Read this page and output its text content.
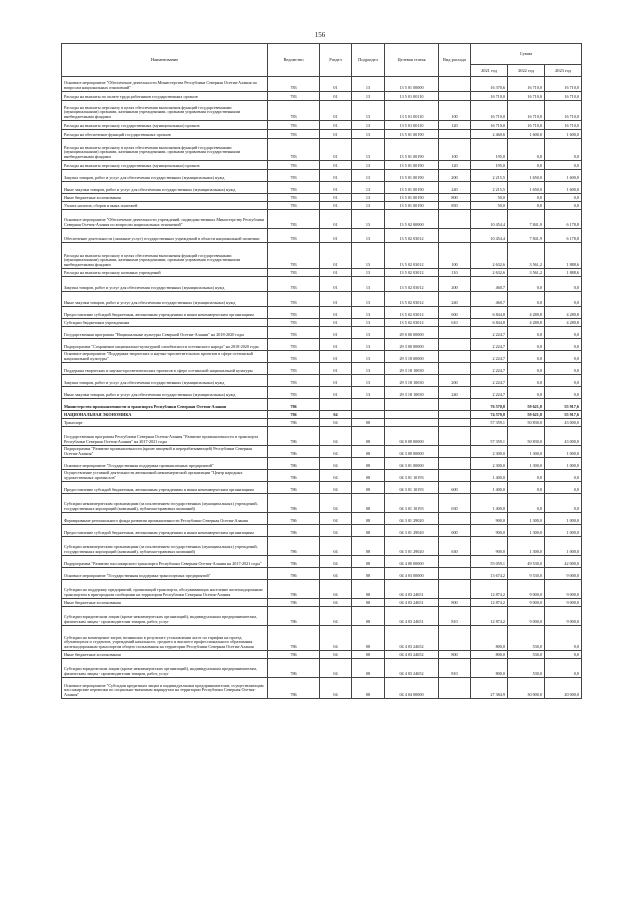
156
Наименование	Ведомство	Раздел	Подраздел	Целевая статья	Вид расхода	Сумма		
						2021 год	2022 год	2023 год
Основное мероприятие "Обеспечение деятельности Министерства Республики Северная Осетия-Алания по вопросам национальных отношений"	783	01	13	13 5 01 00000		16 370,6	16 710,0	16 710,0
Расходы на выплаты по оплате труда работников государственных органов	783	01	13	13 5 01 00110		16 710,0	16 710,0	16 710,0
Расходы на выплаты персоналу в целях обеспечения выполнения функций государственными (муниципальными) органами, казенными учреждениями, органами управления государственными внебюджетными фондами	783	01	13	13 5 01 00110	100	16 710,0	16 710,0	16 710,0
Расходы на выплаты персоналу государственных (муниципальных) органов	783	01	13	13 5 01 00110	120	16 710,0	16 710,0	16 710,0
Расходы на обеспечение функций государственных органов	783	01	13	13 5 01 00190		2 460,6	1 600,0	1 600,0
Расходы на выплаты персоналу в целях обеспечения выполнения функций государственными (муниципальными) органами, казенными учреждениями, органами управления государственными внебюджетными фондами	783	01	13	13 5 01 00190	100	195,0	0,0	0,0
Расходы на выплаты персоналу государственных (муниципальных) органов	783	01	13	13 5 01 00190	120	195,0	0,0	0,0
Закупка товаров, работ и услуг для обеспечения государственных (муниципальных) нужд	783	01	13	13 5 01 00190	200	2 215,5	1 650,0	1 600,0
Иные закупки товаров, работ и услуг для обеспечения государственных (муниципальных) нужд	783	01	13	13 5 01 00190	240	2 215,5	1 650,0	1 600,0
Иные бюджетные ассигнования	783	01	13	13 5 01 00190	800	50,0	0,0	0,0
Уплата налогов, сборов и иных платежей	783	01	13	13 5 01 00190	850	50,0	0,0	0,0
Основное мероприятие "Обеспечение деятельности учреждений, подведомственных Министерству Республики Северная Осетия-Алания по вопросам национальных отношений"	783	01	13	13 5 02 00000		10 454,4	7 841,9	6 178,8
Обеспечение деятельности (оказание услуг) государственных учреждений в области национальной политики	783	01	13	13 5 02 03012		10 454,4	7 841,9	6 178,8
Расходы на выплаты персоналу в целях обеспечения выполнения функций государственными (муниципальными) органами, казенными учреждениями, органами управления государственными внебюджетными фондами	783	01	13	13 5 02 03012	100	2 632,6	3 561,2	1 888,6
Расходы на выплаты персоналу казенных учреждений	783	01	13	13 5 02 03012	110	2 632,6	3 561,2	1 888,6
Закупка товаров, работ и услуг для обеспечения государственных (муниципальных) нужд	783	01	13	13 5 02 03012	200	460,7	0,0	0,0
Иные закупки товаров, работ и услуг для обеспечения государственных (муниципальных) нужд	783	01	13	13 5 02 03012	240	460,7	0,0	0,0
Предоставление субсидий бюджетным, автономным учреждениям и иным некоммерческим организациям	783	01	13	13 5 02 03012	600	6 844,8	4 280,8	4 280,8
Субсидии бюджетным учреждениям	783	01	13	13 5 02 03012	610	6 844,8	4 280,8	4 280,8
Государственная программа "Национальные культуры Северной Осетии-Алании" на 2018-2020 годы	783	01	13	29 0 00 00000		2 224,7	0,0	0,0
Подпрограмма "Сохранение национально-культурной самобытности осетинского народа" на 2018-2020 годы	783	01	13	29 3 00 00000		2 224,7	0,0	0,0
Основное мероприятие "Поддержка творческих и научно-просветительских проектов в сфере осетинской национальной культуры"	783	01	13	29 3 18 00000		2 224,7	0,0	0,0
Поддержка творческих и научно-просветительских проектов в сфере осетинской национальной культуры	783	01	13	29 3 18 10030		2 224,7	0,0	0,0
Закупка товаров, работ и услуг для обеспечения государственных (муниципальных) нужд	783	01	13	29 3 18 10030	200	2 224,7	0,0	0,0
Иные закупки товаров, работ и услуг для обеспечения государственных (муниципальных) нужд	783	01	13	29 3 18 10030	240	2 224,7	0,0	0,0
Министерство промышленности и транспорта Республики Северная Осетия-Алания	786					76 570,8	59 621,8	55 917,6
НАЦИОНАЛЬНАЯ ЭКОНОМИКА	786	04				74 570,8	59 621,8	55 917,6
Транспорт	786	04	08			57 359,1	50 830,0	43 000,0
Государственная программа Республики Северная Осетия-Алания "Развитие промышленности и транспорта Республики Северная Осетия-Алания" на 2017-2021 годы	786	04	08	04 0 00 00000		57 359,1	50 830,0	43 000,0
Подпрограмма "Развитие промышленности (кроме пищевой и перерабатывающей) Республики Северная Осетия-Алания"	786	04	08	04 3 00 00000		2 300,0	1 300,0	1 000,0
Основное мероприятие "Государственная поддержка промышленных предприятий"	786	04	08	04 3 01 00000		2 300,0	1 300,0	1 000,0
Осуществление уставной деятельности автономной некоммерческой организации "Центр народных художественных промыслов"	786	04	08	04 3 01 10193		1 400,0	0,0	0,0
Предоставление субсидий бюджетным, автономным учреждениям и иным некоммерческим организациям	786	04	08	04 3 01 10193	600	1 400,0	0,0	0,0
Субсидии некоммерческим организациям (за исключением государственных (муниципальных) учреждений, государственных корпораций (компаний), публично-правовых компаний)	786	04	08	04 3 01 10193	630	1 400,0	0,0	0,0
Формирование регионального фонда развития промышленности Республики Северная Осетия-Алания	786	04	08	04 3 01 29020		900,0	1 300,0	1 000,0
Предоставление субсидий бюджетным, автономным учреждениям и иным некоммерческим организациям	786	04	08	04 3 01 29020	600	900,0	1 300,0	1 000,0
Субсидии некоммерческим организациям (за исключением государственных (муниципальных) учреждений, государственных корпораций (компаний), публично-правовых компаний)	786	04	08	04 3 01 29020	630	900,0	1 300,0	1 000,0
Подпрограмма "Развитие пассажирского транспорта Республики Северная Осетия-Алания на 2017-2021 годы"	786	04	08	04 4 00 00000		55 059,1	49 530,0	42 000,0
Основное мероприятие "Государственная поддержка транспортных предприятий"	786	04	08	04 4 03 00000		13 674,2	9 530,0	9 000,0
Субсидии на поддержку предприятий, организаций транспорта, обслуживающих население железнодорожным транспортом в пригородном сообщении на территории Республики Северная Осетия-Алания	786	04	08	04 4 03 24651		12 874,2	9 000,0	9 000,0
Иные бюджетные ассигнования	786	04	08	04 4 03 24651	800	12 874,2	9 000,0	9 000,0
Субсидии юридическим лицам (кроме некоммерческих организаций), индивидуальным предпринимателям, физическим лицам - производителям товаров, работ, услуг	786	04	08	04 4 03 24651	810	12 874,2	9 000,0	9 000,0
Субсидии на возмещение затрат, возникших в результате установления льгот по тарифам на проезд обучающихся и студентов, учреждений начального, среднего и высшего профессионального образования железнодорожным транспортом общего пользования на территории Республики Северная Осетия-Алания	786	04	08	04 4 03 24652		800,0	530,0	0,0
Иные бюджетные ассигнования	786	04	08	04 4 03 24652	800	800,0	530,0	0,0
Субсидии юридическим лицам (кроме некоммерческих организаций), индивидуальным предпринимателям, физическим лицам - производителям товаров, работ, услуг	786	04	08	04 4 03 24652	810	800,0	530,0	0,0
Основное мероприятие "Субсидии кредитным лицам и индивидуальным предпринимателям, осуществляющим пассажирские перевозки по социально-значимым маршрутам на территории Республики Северная Осетия-Алания"	786	04	08	04 4 04 00000		27 384,9	30 000,0	20 000,0
